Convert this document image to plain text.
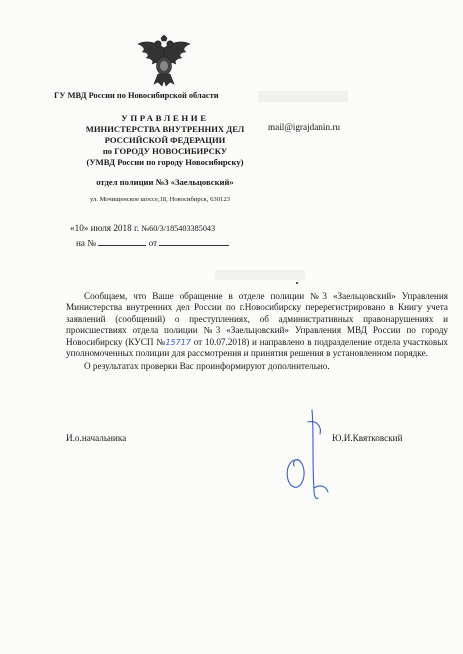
ГУ МВД России по Новосибирской области
УПРАВЛЕНИЕ
МИНИСТЕРСТВА ВНУТРЕННИХ ДЕЛ
РОССИЙСКОЙ ФЕДЕРАЦИИ
по ГОРОДУ НОВОСИБИРСКУ
(УМВД России по городу Новосибирску)
отдел полиции №3 «Заельцовский»
mail@igrajdanin.ru
ул. Мочищенское шоссе,18, Новосибирск, 630123
«10» июля 2018 г. №60/3/185403385043
на №	от

Сообщаем, что Ваше обращение в отделе полиции №3 «Заельцовский» Управления Министерства внутренних дел России по г.Новосибирску перерегистрировано в Книгу учета заявлений (сообщений) о преступлениях, об административных правонарушениях и происшествиях отдела полиции №3 «Заельцовский» Управления МВД России по городу Новосибирску (КУСП №15717 от 10.07.2018) и направлено в подразделение отдела участковых уполномоченных полиции для рассмотрения и принятия решения в установленном порядке.

О результатах проверки Вас проинформируют дополнительно.

И.о.начальника	Ю.И.Квятковский
